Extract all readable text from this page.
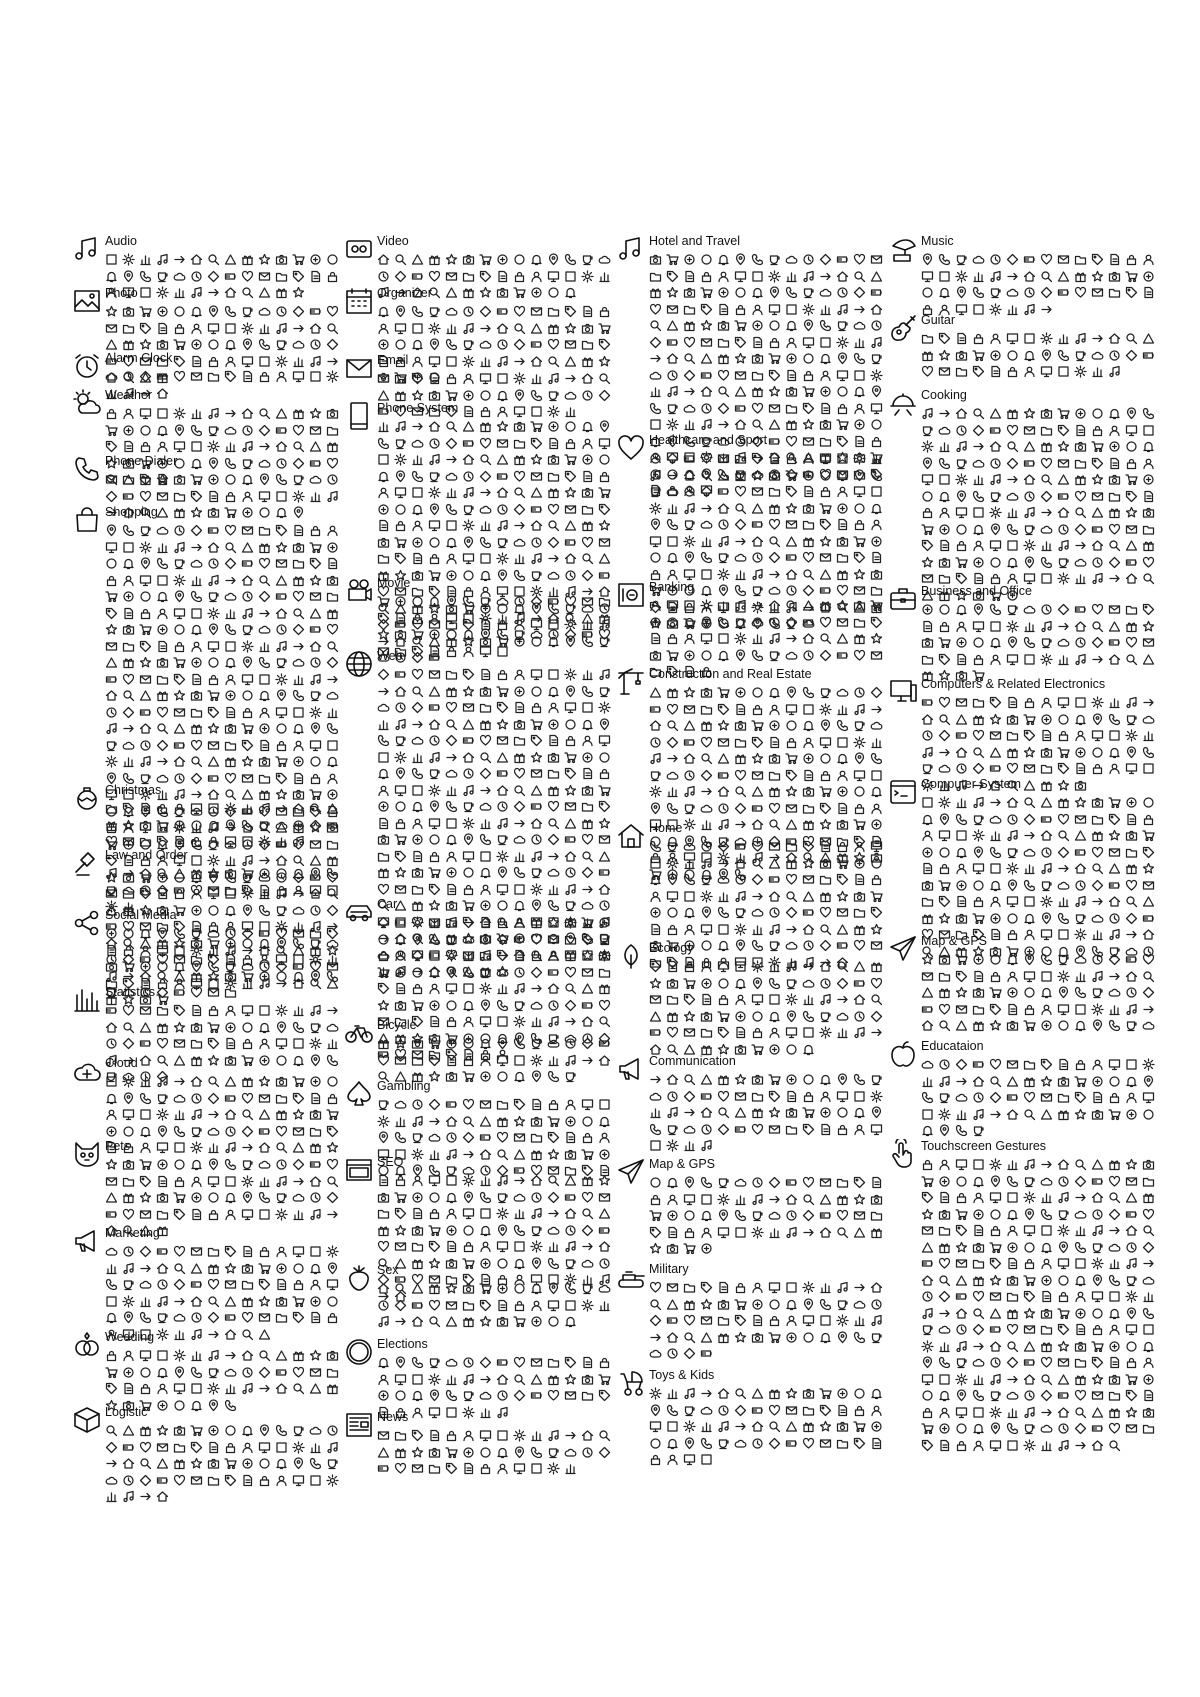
Audio
Photo
Alarm Clock
Weather
Phone Dialer
Shopping
Christmas
Law and Order
Social Media
Statistics
Cloud
Pets
Marketing
Wedding
Logistic
Video
Organizer
Email
Phone System
Movie
Web
Car
Bicycle
Gambling
SEO
Sex
Elections
News
Hotel and Travel
Healthcare and Sport
Banking
Construction and Real Estate
Home
Ecology
Communication
Map & GPS
Military
Toys & Kids
Music
Guitar
Cooking
Business and Office
Computers & Related Electronics
Computer System
Map & GPS
Educataion
Touchscreen Gestures
